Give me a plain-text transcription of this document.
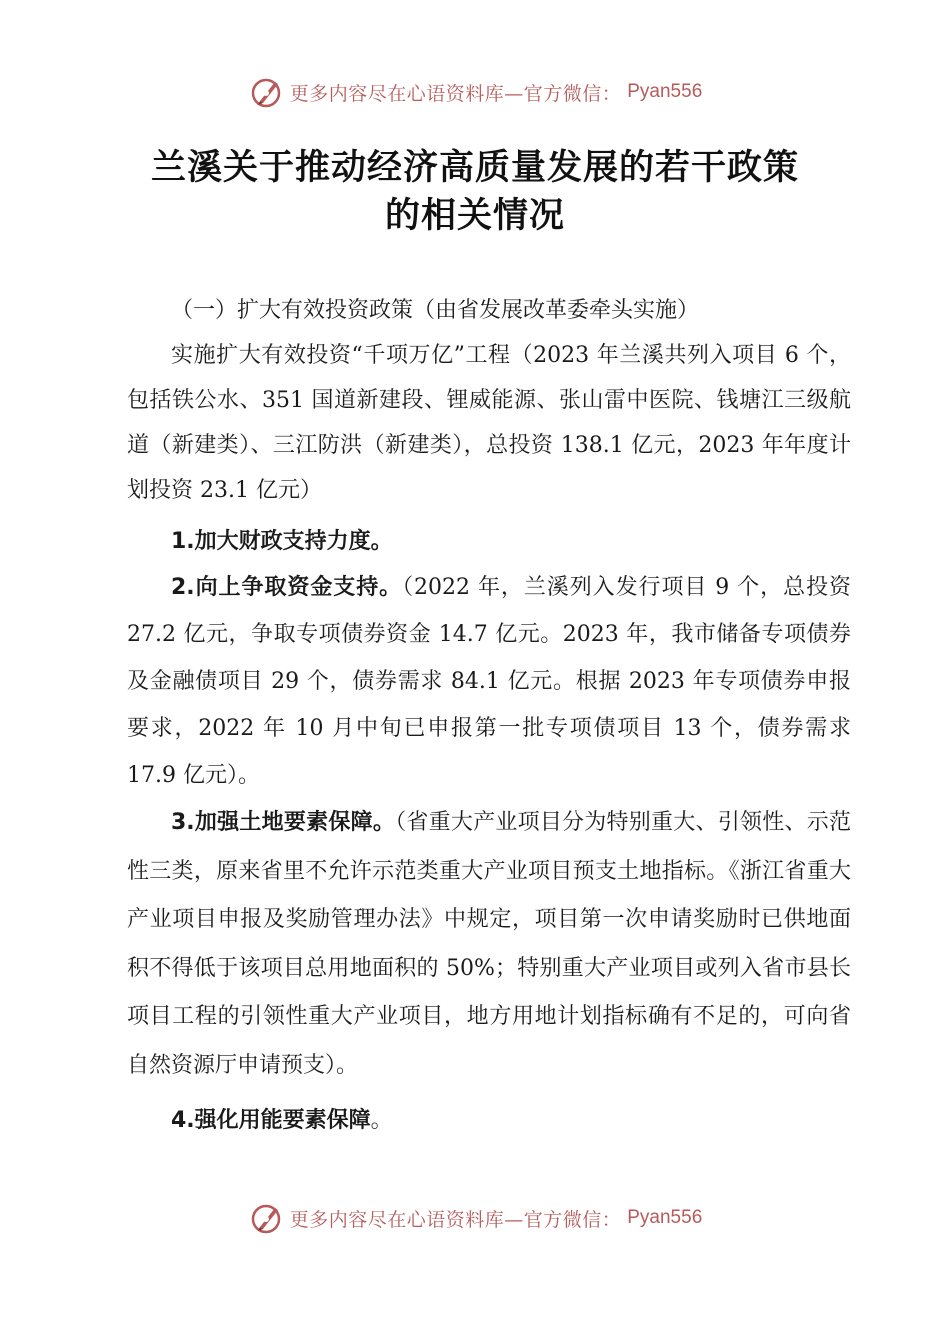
更多内容尽在心语资料库—官方微信： Pyan556
兰溪关于推动经济高质量发展的若干政策
的相关情况

（一）扩大有效投资政策（由省发展改革委牵头实施）

实施扩大有效投资“千项万亿”工程（2023 年兰溪共列入项目 6 个，包括铁公水、351 国道新建段、锂威能源、张山雷中医院、钱塘江三级航道（新建类）、三江防洪（新建类），总投资 138.1 亿元，2023 年年度计划投资 23.1 亿元）

1.加大财政支持力度。

2.向上争取资金支持。（2022 年，兰溪列入发行项目 9 个，总投资 27.2 亿元，争取专项债券资金 14.7 亿元。2023 年，我市储备专项债券及金融债项目 29 个，债券需求 84.1 亿元。根据 2023 年专项债券申报要求，2022 年 10 月中旬已申报第一批专项债项目 13 个，债券需求 17.9 亿元）。

3.加强土地要素保障。（省重大产业项目分为特别重大、引领性、示范性三类，原来省里不允许示范类重大产业项目预支土地指标。《浙江省重大产业项目申报及奖励管理办法》中规定，项目第一次申请奖励时已供地面积不得低于该项目总用地面积的 50%；特别重大产业项目或列入省市县长项目工程的引领性重大产业项目，地方用地计划指标确有不足的，可向省 自然资源厅申请预支）。

4.强化用能要素保障。

更多内容尽在心语资料库—官方微信： Pyan556
